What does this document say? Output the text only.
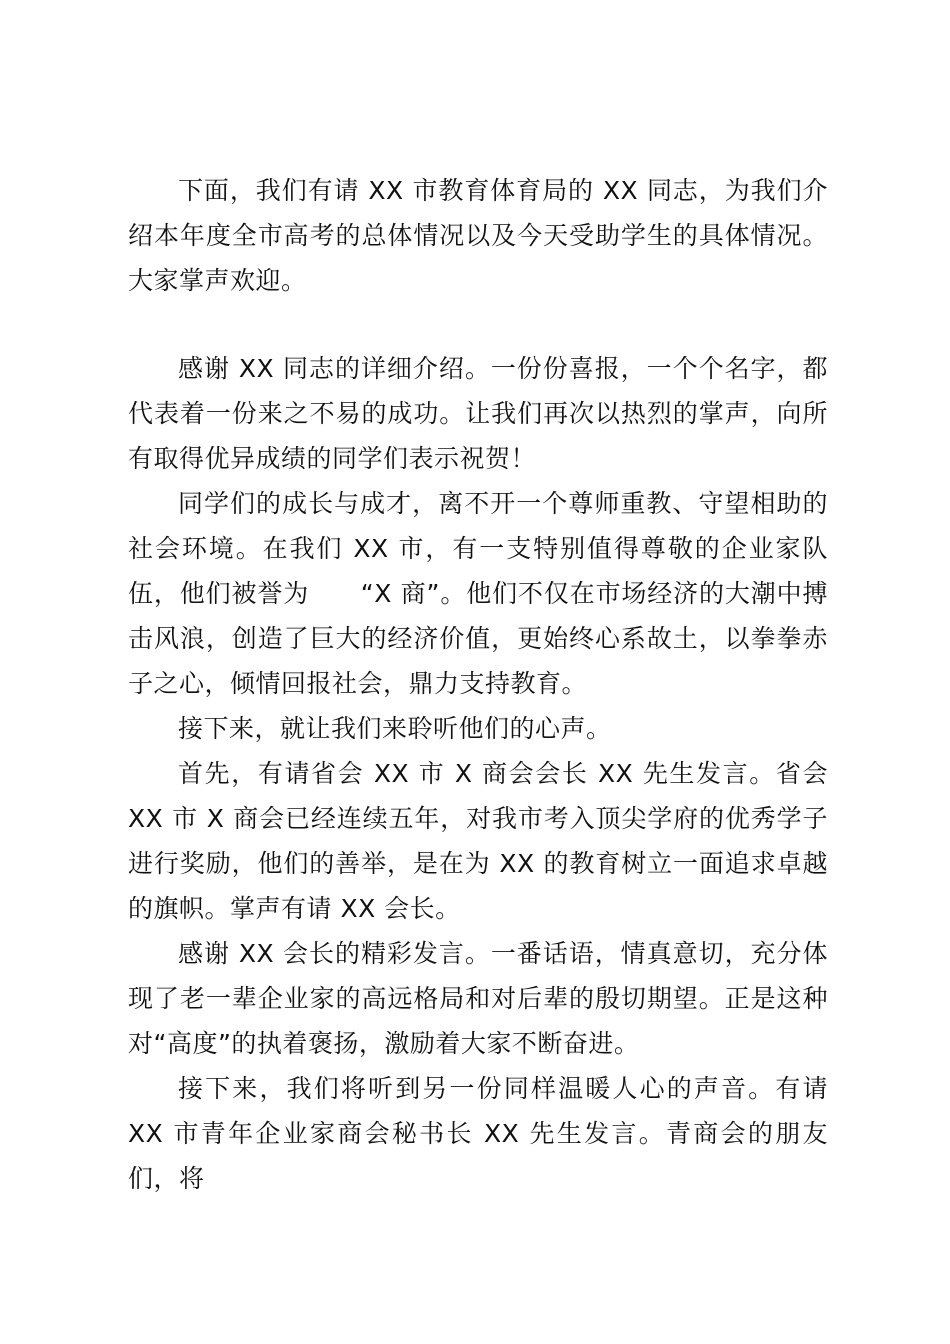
下面，我们有请 XX 市教育体育局的 XX 同志，为我们介绍本年度全市高考的总体情况以及今天受助学生的具体情况。大家掌声欢迎。

感谢 XX 同志的详细介绍。一份份喜报，一个个名字，都代表着一份来之不易的成功。让我们再次以热烈的掌声，向所有取得优异成绩的同学们表示祝贺！

同学们的成长与成才，离不开一个尊师重教、守望相助的社会环境。在我们 XX 市，有一支特别值得尊敬的企业家队伍，他们被誉为　　“X 商”。他们不仅在市场经济的大潮中搏击风浪，创造了巨大的经济价值，更始终心系故土，以拳拳赤子之心，倾情回报社会，鼎力支持教育。

接下来，就让我们来聆听他们的心声。

首先，有请省会 XX 市 X 商会会长 XX 先生发言。省会 XX 市 X 商会已经连续五年，对我市考入顶尖学府的优秀学子进行奖励，他们的善举，是在为 XX 的教育树立一面追求卓越的旗帜。掌声有请 XX 会长。

感谢 XX 会长的精彩发言。一番话语，情真意切，充分体现了老一辈企业家的高远格局和对后辈的殷切期望。正是这种对“高度”的执着褒扬，激励着大家不断奋进。

接下来，我们将听到另一份同样温暖人心的声音。有请 XX 市青年企业家商会秘书长 XX 先生发言。青商会的朋友们，将
